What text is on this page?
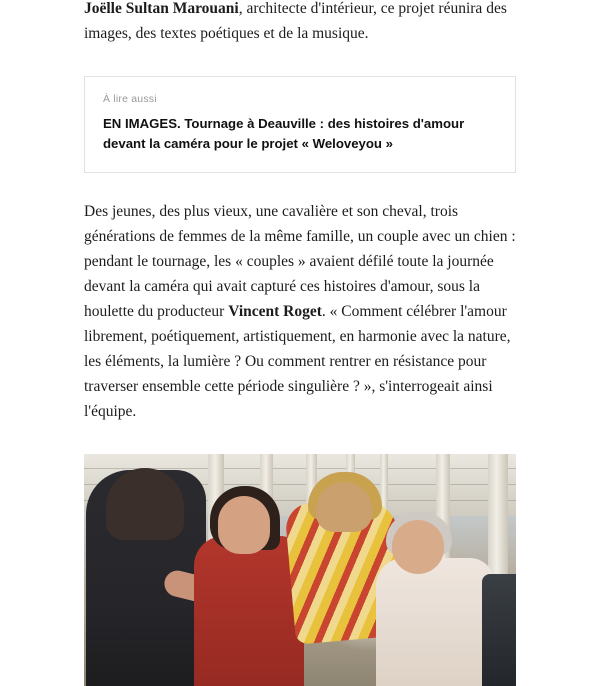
Joëlle Sultan Marouani, architecte d'intérieur, ce projet réunira des images, des textes poétiques et de la musique.

À lire aussi
EN IMAGES. Tournage à Deauville : des histoires d'amour devant la caméra pour le projet « Weloveyou »

Des jeunes, des plus vieux, une cavalière et son cheval, trois générations de femmes de la même famille, un couple avec un chien : pendant le tournage, les « couples » avaient défilé toute la journée devant la caméra qui avait capturé ces histoires d'amour, sous la houlette du producteur Vincent Roget. « Comment célébrer l'amour librement, poétiquement, artistiquement, en harmonie avec la nature, les éléments, la lumière ? Ou comment rentrer en résistance pour traverser ensemble cette période singulière ? », s'interrogeait ainsi l'équipe.
